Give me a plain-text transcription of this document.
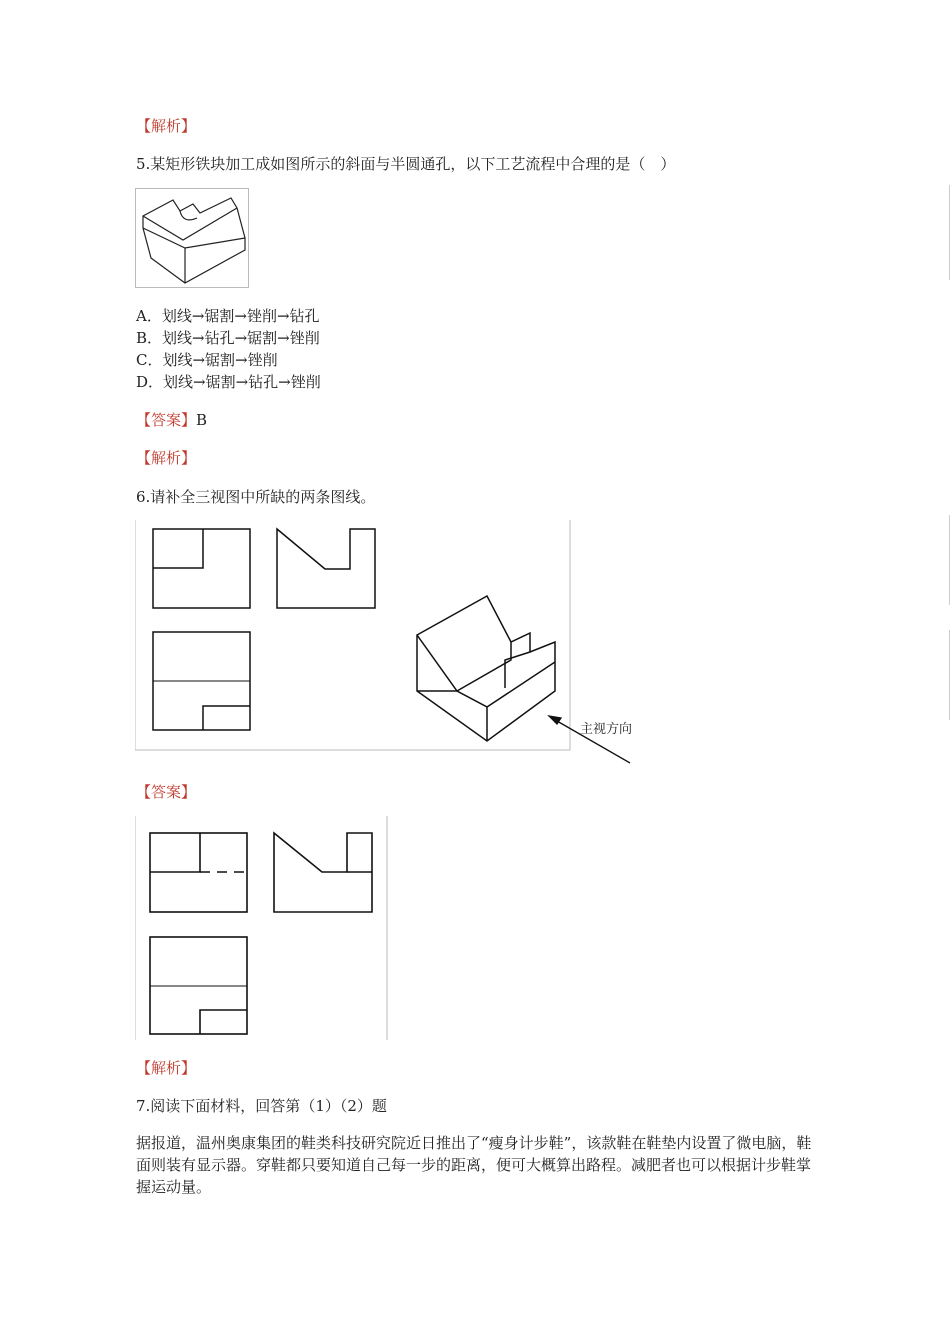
【解析】
5.某矩形铁块加工成如图所示的斜面与半圆通孔，以下工艺流程中合理的是（　）
A．划线→锯割→锉削→钻孔
B．划线→钻孔→锯割→锉削
C．划线→锯割→锉削
D．划线→锯割→钻孔→锉削
【答案】B
【解析】
6.请补全三视图中所缺的两条图线。
主视方向
【答案】
【解析】
7.阅读下面材料，回答第（1）（2）题
据报道，温州奥康集团的鞋类科技研究院近日推出了“瘦身计步鞋”，该款鞋在鞋垫内设置了微电脑，鞋面则装有显示器。穿鞋都只要知道自己每一步的距离，便可大概算出路程。减肥者也可以根据计步鞋掌握运动量。
